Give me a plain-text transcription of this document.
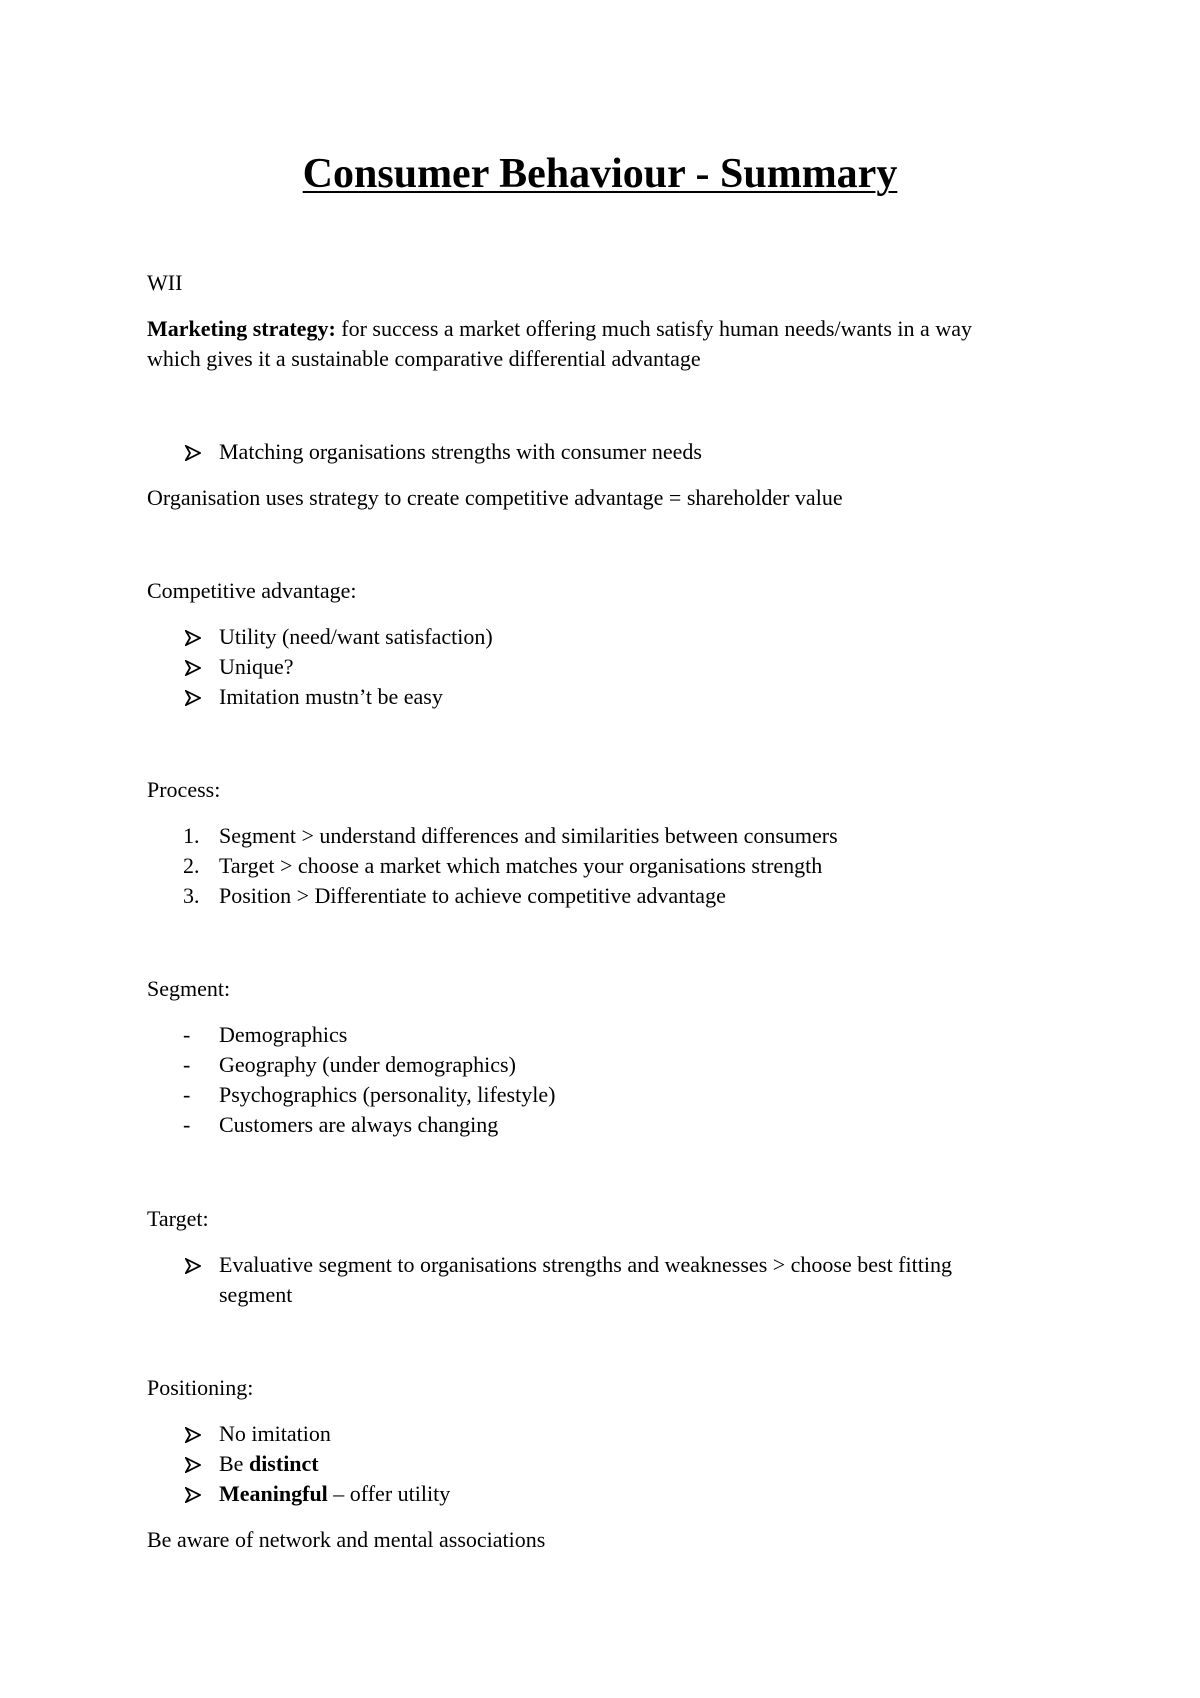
Consumer Behaviour - Summary
WII
Marketing strategy: for success a market offering much satisfy human needs/wants in a way
which gives it a sustainable comparative differential advantage
Matching organisations strengths with consumer needs
Organisation uses strategy to create competitive advantage = shareholder value
Competitive advantage:
Utility (need/want satisfaction)
Unique?
Imitation mustn’t be easy
Process:
1. Segment > understand differences and similarities between consumers
2. Target > choose a market which matches your organisations strength
3. Position > Differentiate to achieve competitive advantage
Segment:
-	Demographics
-	Geography (under demographics)
-	Psychographics (personality, lifestyle)
-	Customers are always changing
Target:
Evaluative segment to organisations strengths and weaknesses > choose best fitting
segment
Positioning:
No imitation
Be distinct
Meaningful – offer utility
Be aware of network and mental associations
